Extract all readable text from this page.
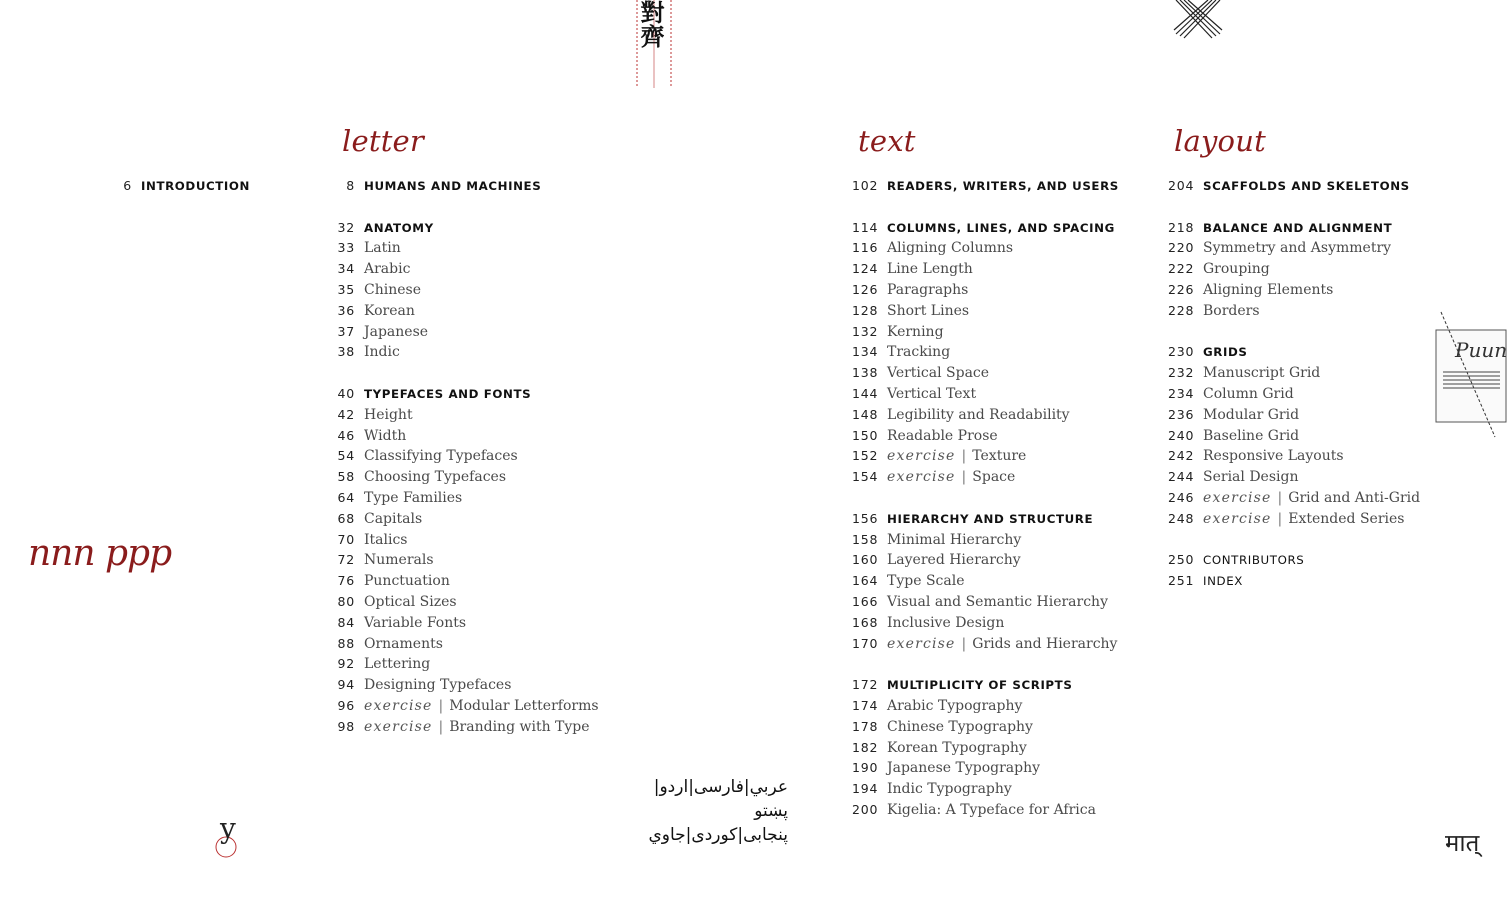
對齊
6 INTRODUCTION
letter
8 HUMANS AND MACHINES
32 ANATOMY
33 Latin
34 Arabic
35 Chinese
36 Korean
37 Japanese
38 Indic
40 TYPEFACES AND FONTS
42 Height
46 Width
54 Classifying Typefaces
58 Choosing Typefaces
64 Type Families
68 Capitals
70 Italics
72 Numerals
76 Punctuation
80 Optical Sizes
84 Variable Fonts
88 Ornaments
92 Lettering
94 Designing Typefaces
96 exercise | Modular Letterforms
98 exercise | Branding with Type
text
102 READERS, WRITERS, AND USERS
114 COLUMNS, LINES, AND SPACING
116 Aligning Columns
124 Line Length
126 Paragraphs
128 Short Lines
132 Kerning
134 Tracking
138 Vertical Space
144 Vertical Text
148 Legibility and Readability
150 Readable Prose
152 exercise | Texture
154 exercise | Space
156 HIERARCHY AND STRUCTURE
158 Minimal Hierarchy
160 Layered Hierarchy
164 Type Scale
166 Visual and Semantic Hierarchy
168 Inclusive Design
170 exercise | Grids and Hierarchy
172 MULTIPLICITY OF SCRIPTS
174 Arabic Typography
178 Chinese Typography
182 Korean Typography
190 Japanese Typography
194 Indic Typography
200 Kigelia: A Typeface for Africa
layout
204 SCAFFOLDS AND SKELETONS
218 BALANCE AND ALIGNMENT
220 Symmetry and Asymmetry
222 Grouping
226 Aligning Elements
228 Borders
230 GRIDS
232 Manuscript Grid
234 Column Grid
236 Modular Grid
240 Baseline Grid
242 Responsive Layouts
244 Serial Design
246 exercise | Grid and Anti-Grid
248 exercise | Extended Series
250 CONTRIBUTORS
251 INDEX
nnn ppp
y
عربي|فارسی|اردو|پښتو
پنجابی|کوردی|جاوي
Puun
मात्
